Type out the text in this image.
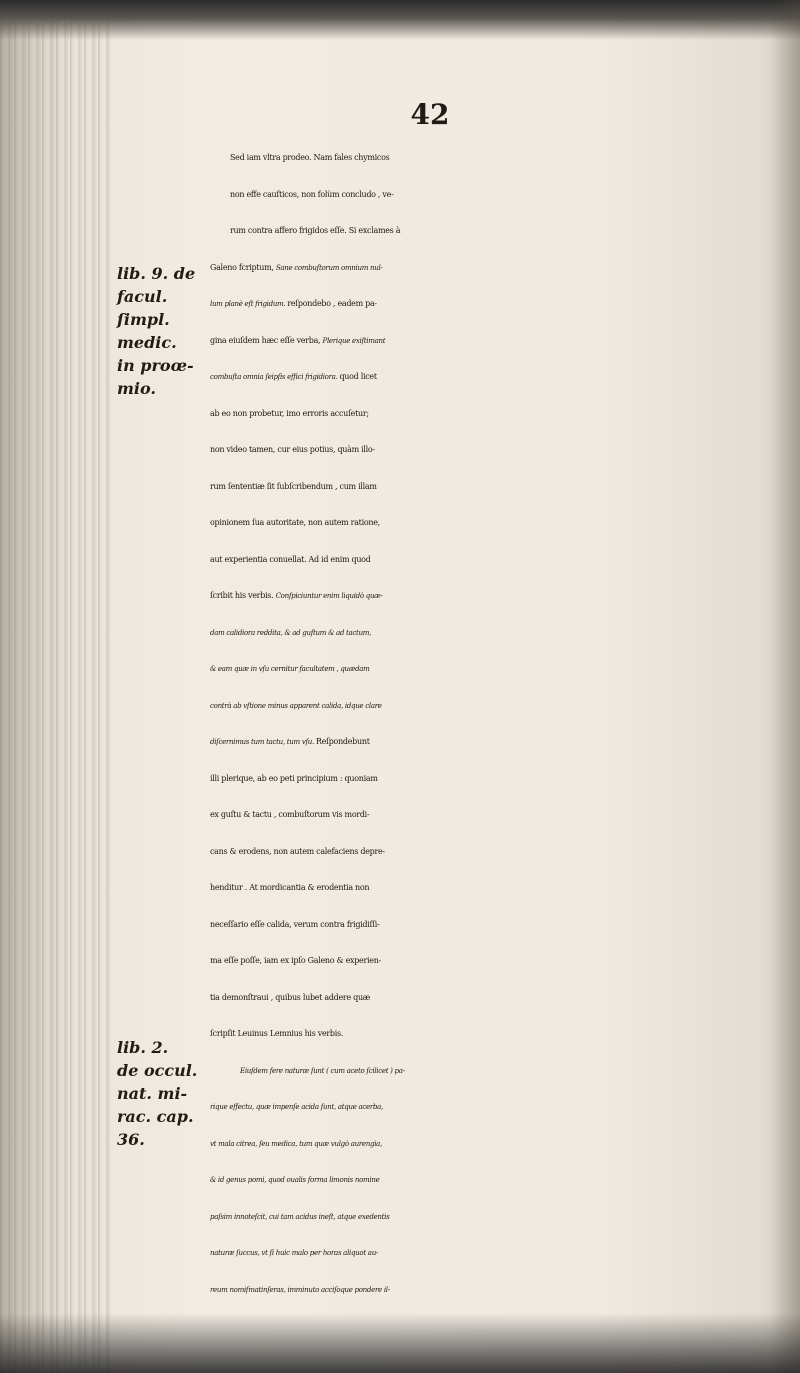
42
Sed iam vltra prodeo. Nam fales chymicos
non effe cauſticos, non folùm concludo , ve-
rum contra affero frigidos eſſe. Si exclames à
Galeno fcriptum, Sane combuſtorum omnium nul-
lum planè eſt frigidum. reſpondebo , eadem pa-
gina eiuſdem hæc eſſe verba, Plerique exiſtimant
combuſta omnia ſeipſis effici frigidiora. quod licet
ab eo non probetur, imo erroris accuſetur;
non video tamen, cur eius potius, quàm illo-
rum ſententiæ ſit ſubſcribendum , cum illam
opinionem ſua autoritate, non autem ratione,
aut experientia conuellat. Ad id enim quod
ſcribit his verbis. Conſpiciuntur enim liquidò quæ-
dam calidiora reddita, & ad guſtum & ad tactum,
& eam quæ in vſu cernitur facultatem , quædam
contrà ab vſtione minus apparent calida, idque clare
diſcernimus tum tactu, tum vſu. Reſpondebunt
illi plerique, ab eo peti principium : quoniam
ex guſtu & tactu , combuſtorum vis mordi-
cans & erodens, non autem calefaciens depre-
henditur . At mordicantia & erodentia non
neceſſario eſſe calida, verum contra frigidiſſi-
ma eſſe poſſe, iam ex ipſo Galeno & experien-
tia demonſtraui , quibus lubet addere quæ
ſcripſit Leuinus Lemnius his verbis.
Eiuſdem fere naturæ ſunt ( cum aceto ſcilicet ) pa-
rique effectu, quæ impenſe acida ſunt, atque acerba,
vt mala citrea, ſeu medica, tum quæ vulgò aurengia,
& id genus pomi, quod oualis forma limonis nomine
paſsim innoteſcit, cui tam acidus ineſt, atque exedentis
naturæ ſuccus, vt ſi huic malo per horas aliquot au-
reum nomiſmatinſeras, imminuto acciſoque pondere il-
lib. 9. de
facul.
ſimpl.
medic.
in proœ-
mio.
lib. 2.
de occul.
nat. mi-
rac. cap.
36.
